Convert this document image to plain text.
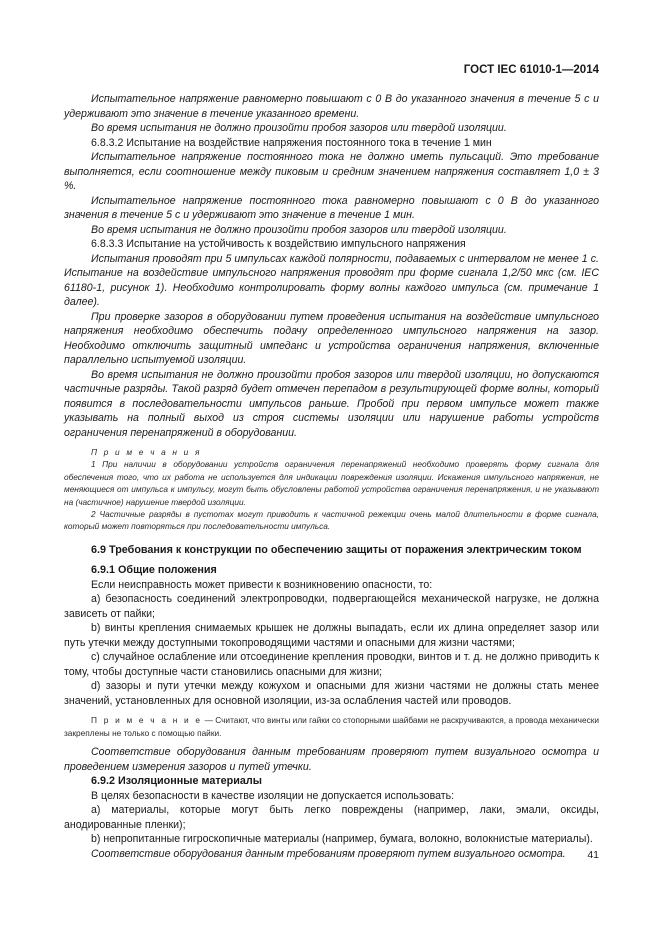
ГОСТ IEC 61010-1—2014

Испытательное напряжение равномерно повышают с 0 В до указанного значения в течение 5 с и удерживают это значение в течение указанного времени.

Во время испытания не должно произойти пробоя зазоров или твердой изоляции.

6.8.3.2 Испытание на воздействие напряжения постоянного тока в течение 1 мин

Испытательное напряжение постоянного тока не должно иметь пульсаций. Это требование выполняется, если соотношение между пиковым и средним значением напряжения составляет 1,0 ± 3 %.

Испытательное напряжение постоянного тока равномерно повышают с 0 В до указанного значения в течение 5 с и удерживают это значение в течение 1 мин.

Во время испытания не должно произойти пробоя зазоров или твердой изоляции.

6.8.3.3 Испытание на устойчивость к воздействию импульсного напряжения

Испытания проводят при 5 импульсах каждой полярности, подаваемых с интервалом не менее 1 с. Испытание на воздействие импульсного напряжения проводят при форме сигнала 1,2/50 мкс (см. IEC 61180-1, рисунок 1). Необходимо контролировать форму волны каждого импульса (см. примечание 1 далее).

При проверке зазоров в оборудовании путем проведения испытания на воздействие импульсного напряжения необходимо обеспечить подачу определенного импульсного напряжения на зазор. Необходимо отключить защитный импеданс и устройства ограничения напряжения, включенные параллельно испытуемой изоляции.

Во время испытания не должно произойти пробоя зазоров или твердой изоляции, но допускаются частичные разряды. Такой разряд будет отмечен перепадом в результирующей форме волны, который появится в последовательности импульсов раньше. Пробой при первом импульсе может также указывать на полный выход из строя системы изоляции или нарушение работы устройств ограничения перенапряжений в оборудовании.

П р и м е ч а н и я

1 При наличии в оборудовании устройств ограничения перенапряжений необходимо проверять форму сигнала для обеспечения того, что их работа не используется для индикации повреждения изоляции. Искажения импульсного напряжения, не меняющиеся от импульса к импульсу, могут быть обусловлены работой устройства ограничения перенапряжения, и не указывают на (частичное) нарушение твердой изоляции.

2 Частичные разряды в пустотах могут приводить к частичной режекции очень малой длительности в форме сигнала, который может повторяться при последовательности импульса.

6.9 Требования к конструкции по обеспечению защиты от поражения электрическим током

6.9.1 Общие положения

Если неисправность может привести к возникновению опасности, то:

a) безопасность соединений электропроводки, подвергающейся механической нагрузке, не должна зависеть от пайки;

b) винты крепления снимаемых крышек не должны выпадать, если их длина определяет зазор или путь утечки между доступными токопроводящими частями и опасными для жизни частями;

c) случайное ослабление или отсоединение крепления проводки, винтов и т. д. не должно приводить к тому, чтобы доступные части становились опасными для жизни;

d) зазоры и пути утечки между кожухом и опасными для жизни частями не должны стать менее значений, установленных для основной изоляции, из-за ослабления частей или проводов.

П р и м е ч а н и е — Считают, что винты или гайки со стопорными шайбами не раскручиваются, а провода механически закреплены не только с помощью пайки.

Соответствие оборудования данным требованиям проверяют путем визуального осмотра и проведением измерения зазоров и путей утечки.

6.9.2 Изоляционные материалы

В целях безопасности в качестве изоляции не допускается использовать:

a) материалы, которые могут быть легко повреждены (например, лаки, эмали, оксиды, анодированные пленки);

b) непропитанные гигроскопичные материалы (например, бумага, волокно, волокнистые материалы).

Соответствие оборудования данным требованиям проверяют путем визуального осмотра.	41
